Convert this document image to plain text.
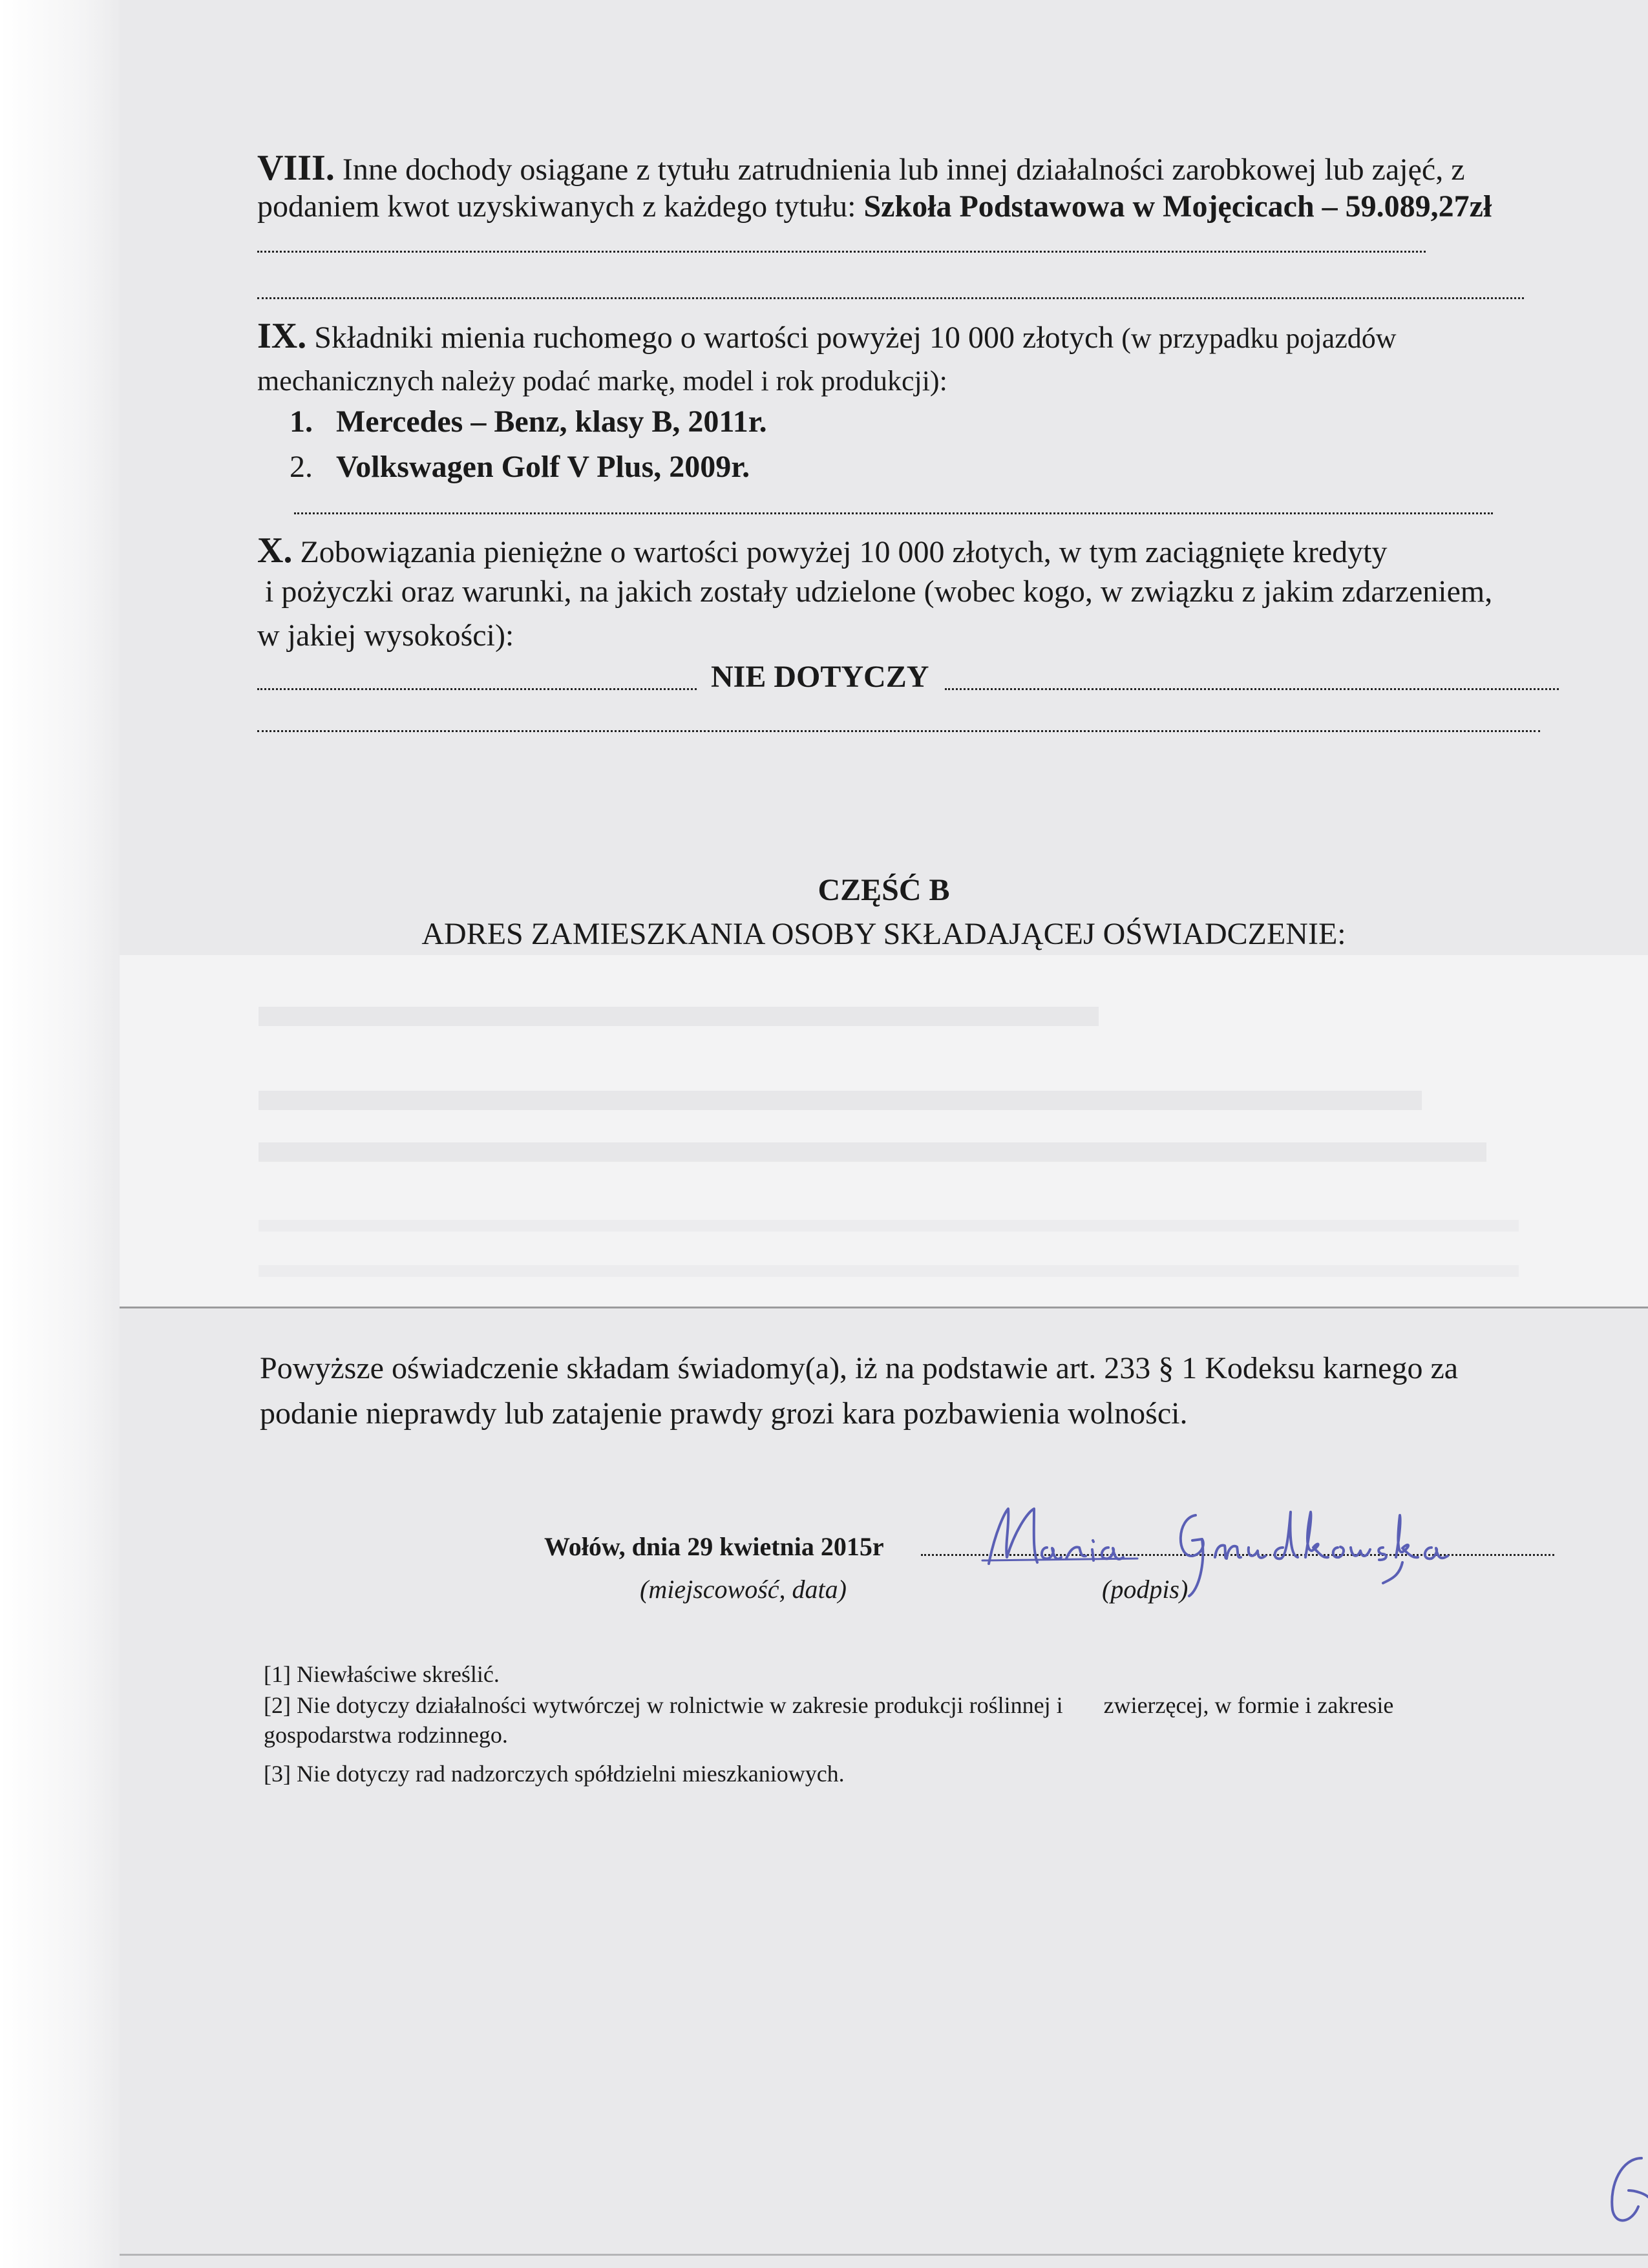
VIII. Inne dochody osiągane z tytułu zatrudnienia lub innej działalności zarobkowej lub zajęć, z
podaniem kwot uzyskiwanych z każdego tytułu: Szkoła Podstawowa w Mojęcicach – 59.089,27zł
IX. Składniki mienia ruchomego o wartości powyżej 10 000 złotych (w przypadku pojazdów
mechanicznych należy podać markę, model i rok produkcji):
1. Mercedes – Benz, klasy B, 2011r.
2. Volkswagen Golf V Plus, 2009r.
X. Zobowiązania pieniężne o wartości powyżej 10 000 złotych, w tym zaciągnięte kredyty
i pożyczki oraz warunki, na jakich zostały udzielone (wobec kogo, w związku z jakim zdarzeniem,
w jakiej wysokości):
NIE DOTYCZY
CZĘŚĆ B
ADRES ZAMIESZKANIA OSOBY SKŁADAJĄCEJ OŚWIADCZENIE:
Powyższe oświadczenie składam świadomy(a), iż na podstawie art. 233 § 1 Kodeksu karnego za
podanie nieprawdy lub zatajenie prawdy grozi kara pozbawienia wolności.
Wołów, dnia 29 kwietnia 2015r
(miejscowość, data)	(podpis)
[1] Niewłaściwe skreślić.
[2] Nie dotyczy działalności wytwórczej w rolnictwie w zakresie produkcji roślinnej i       zwierzęcej, w formie i zakresie
gospodarstwa rodzinnego.
[3] Nie dotyczy rad nadzorczych spółdzielni mieszkaniowych.
